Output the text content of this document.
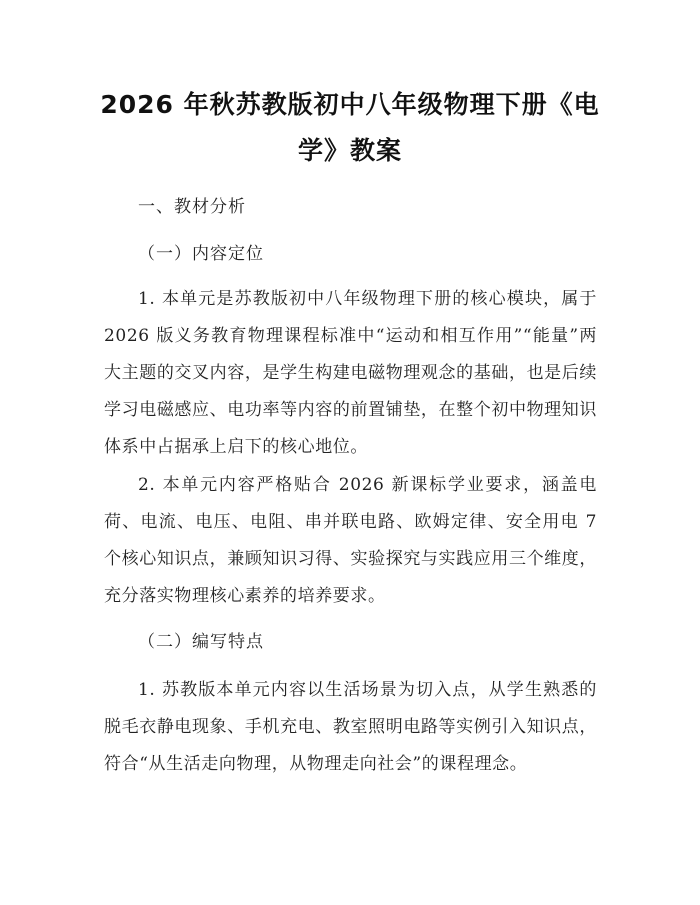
2026 年秋苏教版初中八年级物理下册《电
学》教案
一、教材分析
（一）内容定位
1. 本单元是苏教版初中八年级物理下册的核心模块，属于 2026 版义务教育物理课程标准中“运动和相互作用”“能量”两大主题的交叉内容，是学生构建电磁物理观念的基础，也是后续学习电磁感应、电功率等内容的前置铺垫，在整个初中物理知识体系中占据承上启下的核心地位。
2. 本单元内容严格贴合 2026 新课标学业要求，涵盖电荷、电流、电压、电阻、串并联电路、欧姆定律、安全用电 7 个核心知识点，兼顾知识习得、实验探究与实践应用三个维度，充分落实物理核心素养的培养要求。
（二）编写特点
1. 苏教版本单元内容以生活场景为切入点，从学生熟悉的脱毛衣静电现象、手机充电、教室照明电路等实例引入知识点，符合“从生活走向物理，从物理走向社会”的课程理念。
